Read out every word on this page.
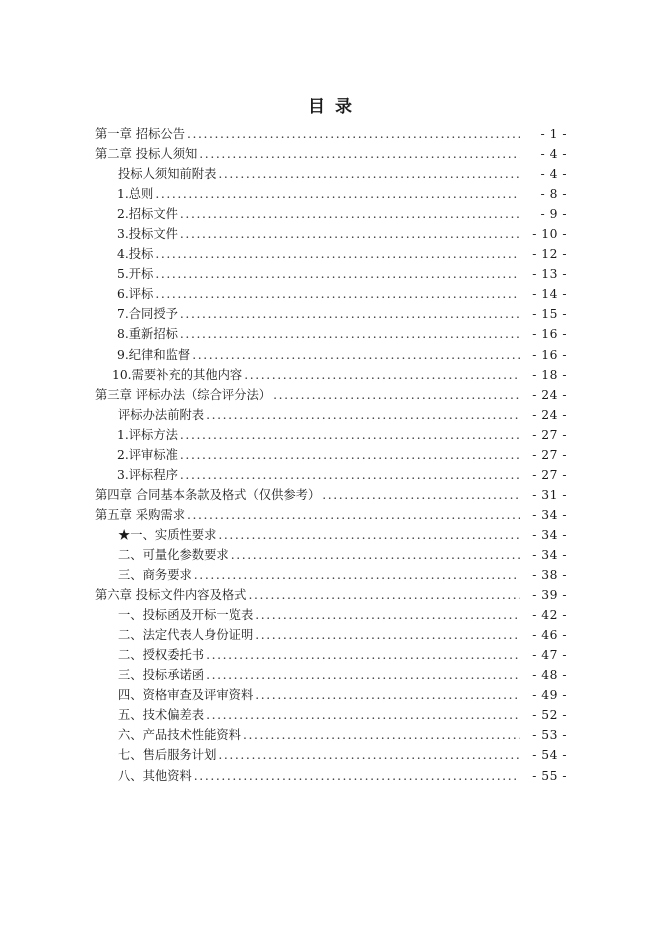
目 录
第一章 招标公告 .....	- 1 -
第二章 投标人须知 .....	- 4 -
投标人须知前附表 .....	- 4 -
1.总则 .....	- 8 -
2.招标文件 .....	- 9 -
3.投标文件 .....	- 10 -
4.投标 .....	- 12 -
5.开标 .....	- 13 -
6.评标 .....	- 14 -
7.合同授予 .....	- 15 -
8.重新招标 .....	- 16 -
9.纪律和监督 .....	- 16 -
10.需要补充的其他内容 .....	- 18 -
第三章 评标办法（综合评分法） .....	- 24 -
评标办法前附表 .....	- 24 -
1.评标方法 .....	- 27 -
2.评审标准 .....	- 27 -
3.评标程序 .....	- 27 -
第四章 合同基本条款及格式（仅供参考） .....	- 31 -
第五章 采购需求 .....	- 34 -
★一、实质性要求 .....	- 34 -
二、可量化参数要求 .....	- 34 -
三、商务要求 .....	- 38 -
第六章 投标文件内容及格式 .....	- 39 -
一、投标函及开标一览表 .....	- 42 -
二、法定代表人身份证明 .....	- 46 -
二、授权委托书 .....	- 47 -
三、投标承诺函 .....	- 48 -
四、资格审查及评审资料 .....	- 49 -
五、技术偏差表 .....	- 52 -
六、产品技术性能资料 .....	- 53 -
七、售后服务计划 .....	- 54 -
八、其他资料 .....	- 55 -
